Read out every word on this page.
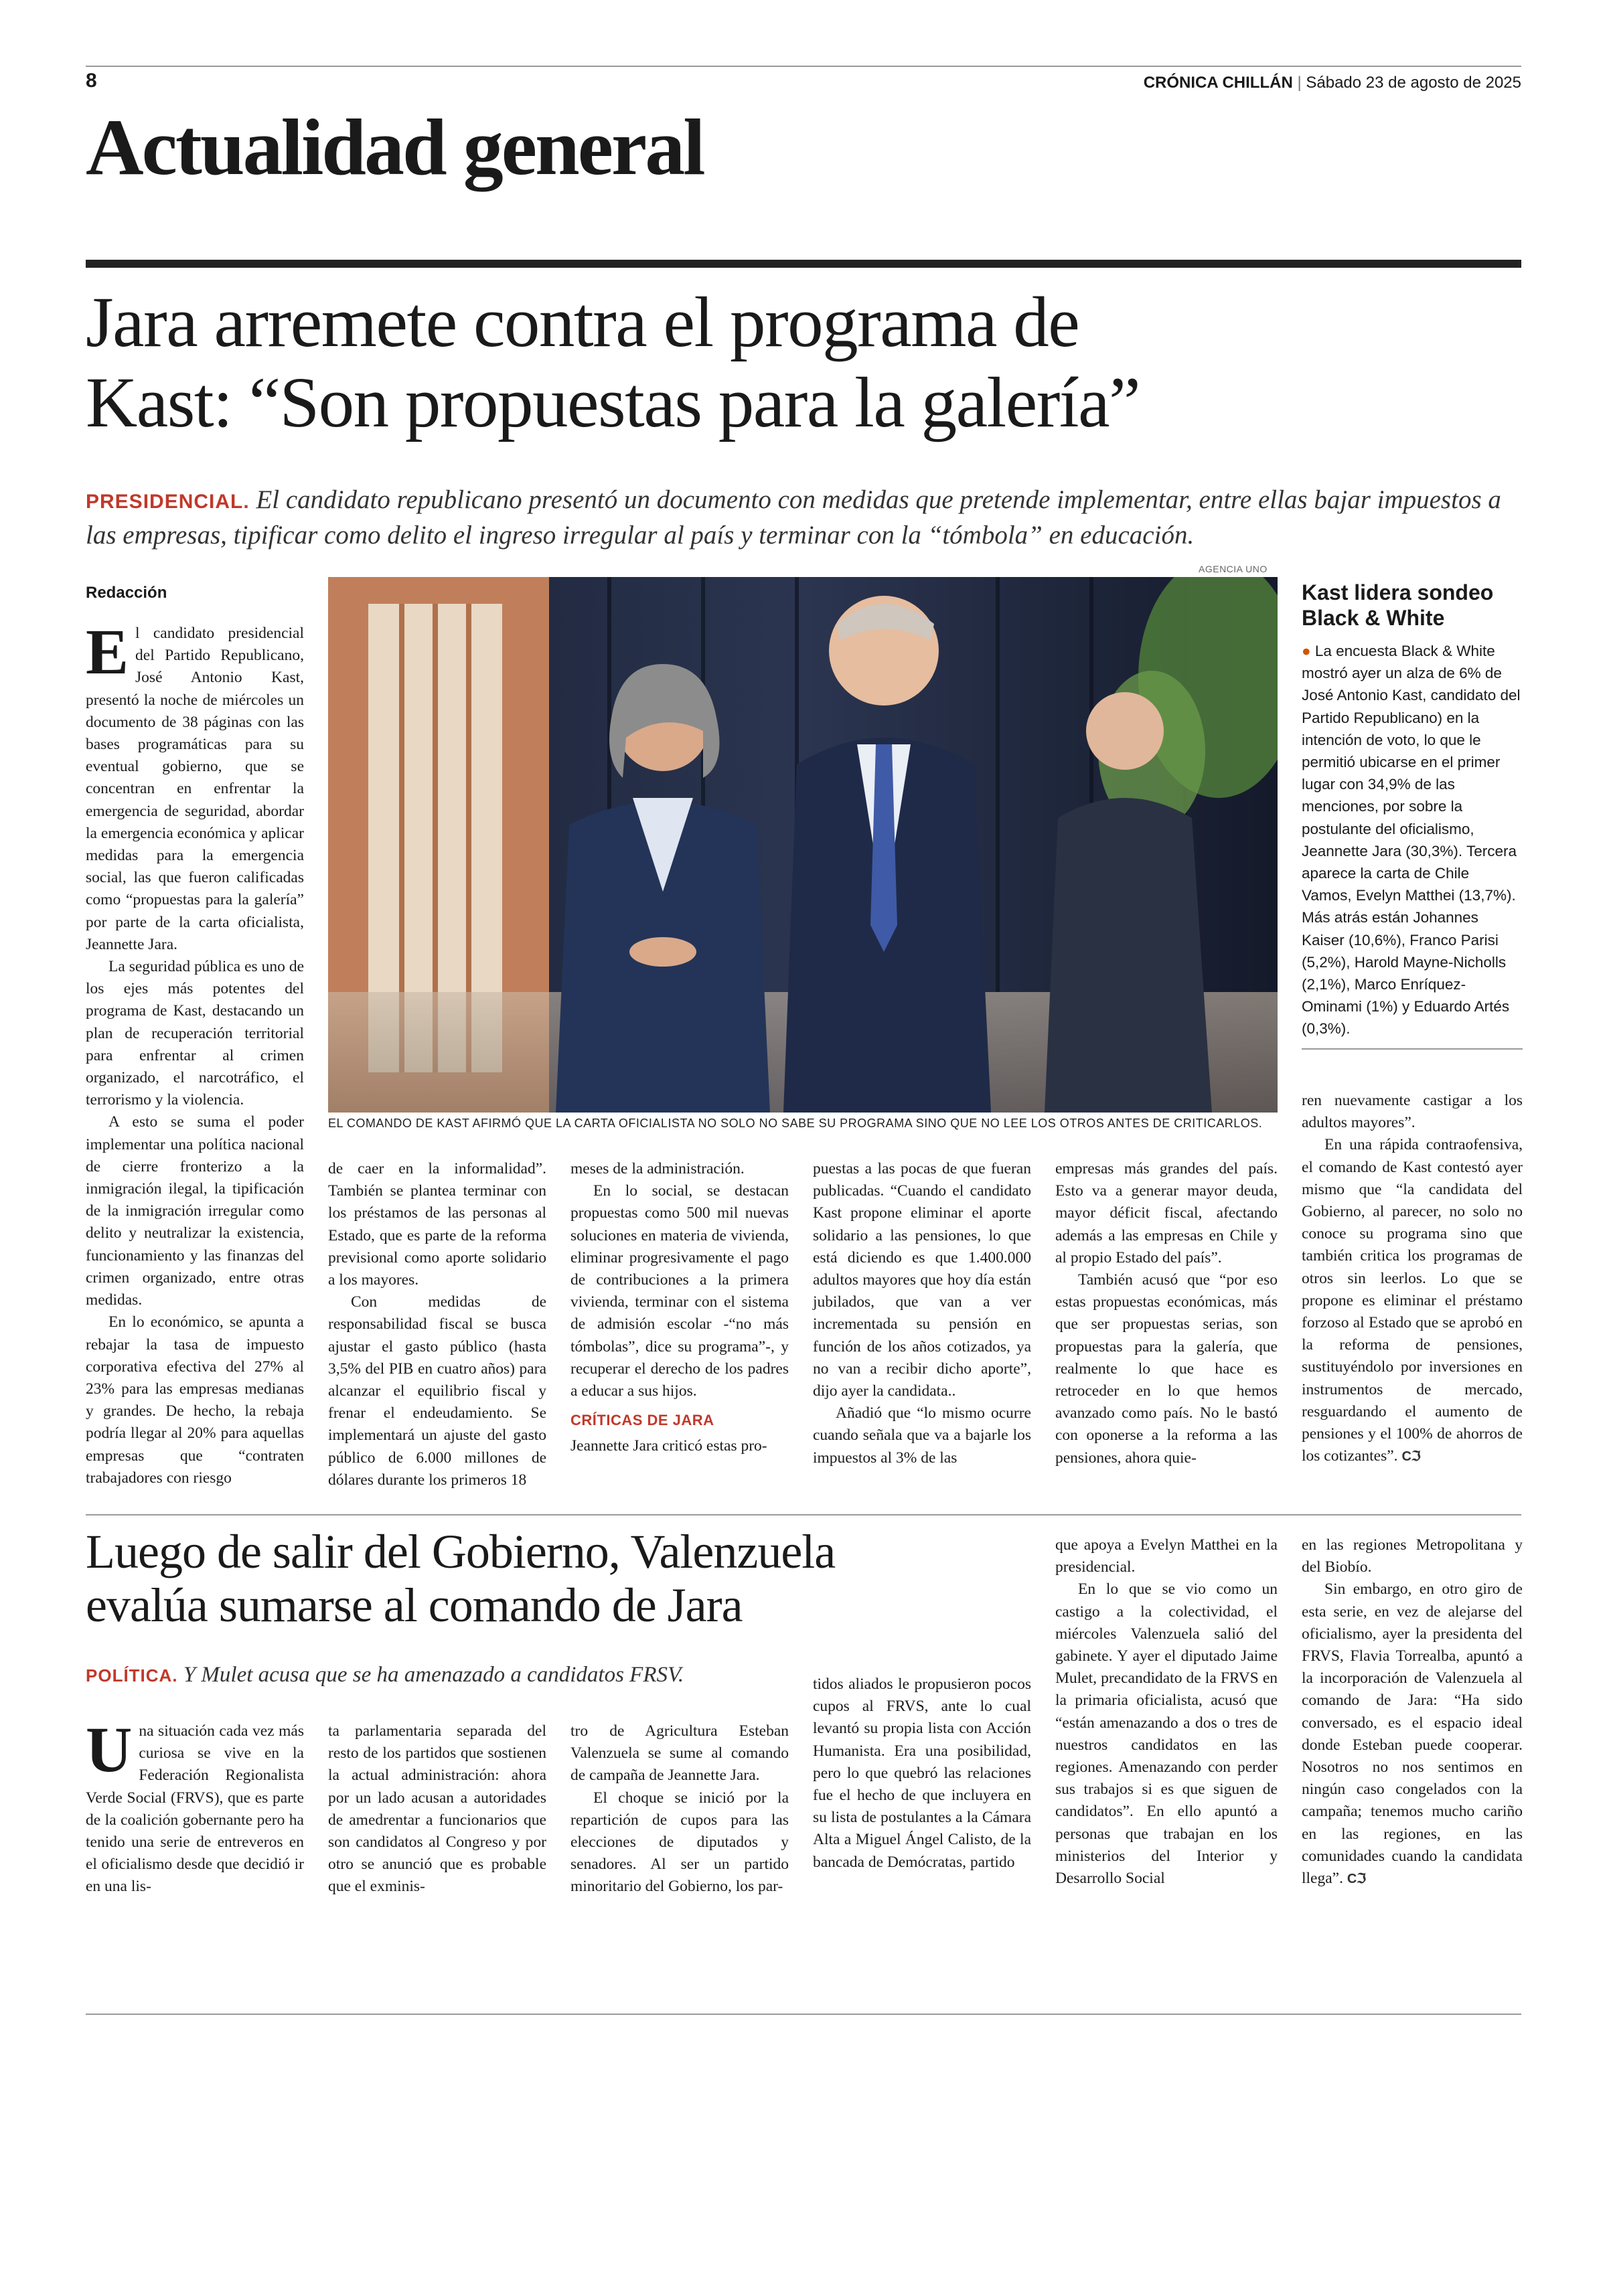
8	CRÓNICA CHILLÁN | Sábado 23 de agosto de 2025
Actualidad general
Jara arremete contra el programa de
Kast: “Son propuestas para la galería”
PRESIDENCIAL. El candidato republicano presentó un documento con medidas que pretende implementar, entre ellas bajar impuestos a las empresas, tipificar como delito el ingreso irregular al país y terminar con la “tómbola” en educación.
Redacción
AGENCIA UNO
EL COMANDO DE KAST AFIRMÓ QUE LA CARTA OFICIALISTA NO SOLO NO SABE SU PROGRAMA SINO QUE NO LEE LOS OTROS ANTES DE CRITICARLOS.
E l candidato presidencial del Partido Republicano, José Antonio Kast, presentó la noche de miércoles un documento de 38 páginas con las bases programáticas para su eventual gobierno, que se concentran en enfrentar la emergencia de seguridad, abordar la emergencia económica y aplicar medidas para la emergencia social, las que fueron calificadas como “propuestas para la galería” por parte de la carta oficialista, Jeannette Jara.

La seguridad pública es uno de los ejes más potentes del programa de Kast, destacando un plan de recuperación territorial para enfrentar al crimen organizado, el narcotráfico, el terrorismo y la violencia.

A esto se suma el poder implementar una política nacional de cierre fronterizo a la inmigración ilegal, la tipificación de la inmigración irregular como delito y neutralizar la existencia, funcionamiento y las finanzas del crimen organizado, entre otras medidas.

En lo económico, se apunta a rebajar la tasa de impuesto corporativa efectiva del 27% al 23% para las empresas medianas y grandes. De hecho, la rebaja podría llegar al 20% para aquellas empresas que “contraten trabajadores con riesgo

de caer en la informalidad”. También se plantea terminar con los préstamos de las personas al Estado, que es parte de la reforma previsional como aporte solidario a los mayores.

Con medidas de responsabilidad fiscal se busca ajustar el gasto público (hasta 3,5% del PIB en cuatro años) para alcanzar el equilibrio fiscal y frenar el endeudamiento. Se implementará un ajuste del gasto público de 6.000 millones de dólares durante los primeros 18

meses de la administración.

En lo social, se destacan propuestas como 500 mil nuevas soluciones en materia de vivienda, eliminar progresivamente el pago de contribuciones a la primera vivienda, terminar con el sistema de admisión escolar -“no más tómbolas”, dice su programa”-, y recuperar el derecho de los padres a educar a sus hijos.

CRÍTICAS DE JARA

Jeannette Jara criticó estas pro-

puestas a las pocas de que fueran publicadas. “Cuando el candidato Kast propone eliminar el aporte solidario a las pensiones, lo que está diciendo es que 1.400.000 adultos mayores que hoy día están jubilados, que van a ver incrementada su pensión en función de los años cotizados, ya no van a recibir dicho aporte”, dijo ayer la candidata..

Añadió que “lo mismo ocurre cuando señala que va a bajarle los impuestos al 3% de las

empresas más grandes del país. Esto va a generar mayor deuda, mayor déficit fiscal, afectando además a las empresas en Chile y al propio Estado del país”.

También acusó que “por eso estas propuestas económicas, más que ser propuestas serias, son propuestas para la galería, que realmente lo que hace es retroceder en lo que hemos avanzado como país. No le bastó con oponerse a la reforma a las pensiones, ahora quie-

Kast lidera sondeo
Black & White
● La encuesta Black & White mostró ayer un alza de 6% de José Antonio Kast, candidato del Partido Republicano) en la intención de voto, lo que le permitió ubicarse en el primer lugar con 34,9% de las menciones, por sobre la postulante del oficialismo, Jeannette Jara (30,3%). Tercera aparece la carta de Chile Vamos, Evelyn Matthei (13,7%). Más atrás están Johannes Kaiser (10,6%), Franco Parisi (5,2%), Harold Mayne-Nicholls (2,1%), Marco Enríquez-Ominami (1%) y Eduardo Artés (0,3%).

ren nuevamente castigar a los adultos mayores”.

En una rápida contraofensiva, el comando de Kast contestó ayer mismo que “la candidata del Gobierno, al parecer, no solo no conoce su programa sino que también critica los programas de otros sin leerlos. Lo que se propone es eliminar el préstamo forzoso al Estado que se aprobó en la reforma de pensiones, sustituyéndolo por inversiones en instrumentos de mercado, resguardando el aumento de pensiones y el 100% de ahorros de los cotizantes”. Cℑ

Luego de salir del Gobierno, Valenzuela
evalúa sumarse al comando de Jara
POLÍTICA. Y Mulet acusa que se ha amenazado a candidatos FRSV.
U na situación cada vez más curiosa se vive en la Federación Regionalista Verde Social (FRVS), que es parte de la coalición gobernante pero ha tenido una serie de entreveros en el oficialismo desde que decidió ir en una lis-

ta parlamentaria separada del resto de los partidos que sostienen la actual administración: ahora por un lado acusan a autoridades de amedrentar a funcionarios que son candidatos al Congreso y por otro se anunció que es probable que el exminis-

tro de Agricultura Esteban Valenzuela se sume al comando de campaña de Jeannette Jara.

El choque se inició por la repartición de cupos para las elecciones de diputados y senadores. Al ser un partido minoritario del Gobierno, los par-

tidos aliados le propusieron pocos cupos al FRVS, ante lo cual levantó su propia lista con Acción Humanista. Era una posibilidad, pero lo que quebró las relaciones fue el hecho de que incluyera en su lista de postulantes a la Cámara Alta a Miguel Ángel Calisto, de la bancada de Demócratas, partido

que apoya a Evelyn Matthei en la presidencial.

En lo que se vio como un castigo a la colectividad, el miércoles Valenzuela salió del gabinete. Y ayer el diputado Jaime Mulet, precandidato de la FRVS en la primaria oficialista, acusó que “están amenazando a dos o tres de nuestros candidatos en las regiones. Amenazando con perder sus trabajos si es que siguen de candidatos”. En ello apuntó a personas que trabajan en los ministerios del Interior y Desarrollo Social

en las regiones Metropolitana y del Biobío.

Sin embargo, en otro giro de esta serie, en vez de alejarse del oficialismo, ayer la presidenta del FRVS, Flavia Torrealba, apuntó a la incorporación de Valenzuela al comando de Jara: “Ha sido conversado, es el espacio ideal donde Esteban puede cooperar. Nosotros no nos sentimos en ningún caso congelados con la campaña; tenemos mucho cariño en las regiones, en las comunidades cuando la candidata llega”. Cℑ
